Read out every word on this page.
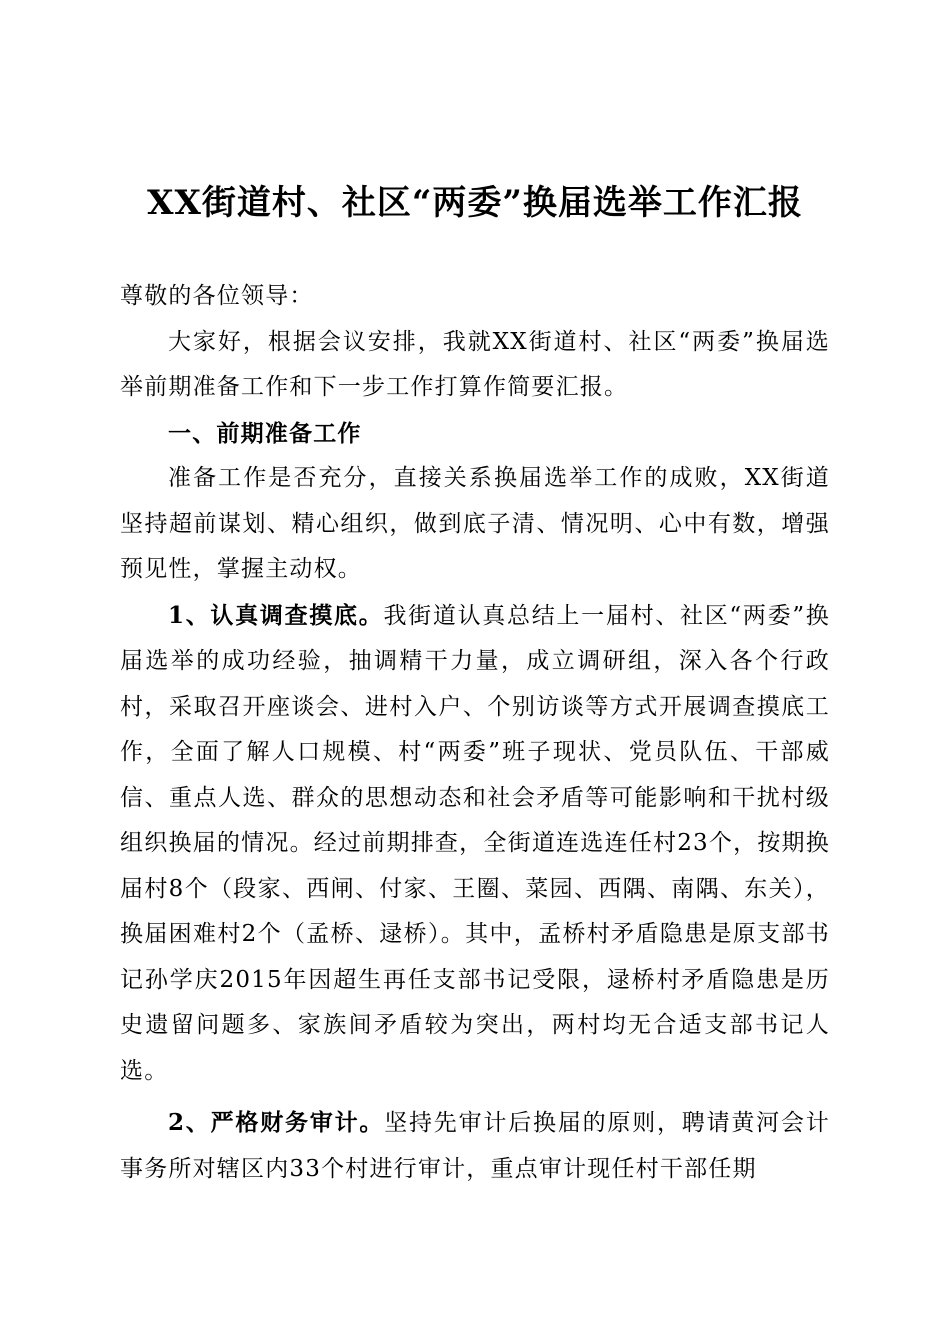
XX街道村、社区“两委”换届选举工作汇报

尊敬的各位领导：

大家好，根据会议安排，我就XX街道村、社区“两委”换届选举前期准备工作和下一步工作打算作简要汇报。

一、前期准备工作

准备工作是否充分，直接关系换届选举工作的成败，XX街道坚持超前谋划、精心组织，做到底子清、情况明、心中有数，增强预见性，掌握主动权。

1、认真调查摸底。我街道认真总结上一届村、社区“两委”换届选举的成功经验，抽调精干力量，成立调研组，深入各个行政村，采取召开座谈会、进村入户、个别访谈等方式开展调查摸底工作，全面了解人口规模、村“两委”班子现状、党员队伍、干部威信、重点人选、群众的思想动态和社会矛盾等可能影响和干扰村级组织换届的情况。经过前期排查，全街道连选连任村23个，按期换届村8个（段家、西闸、付家、王圈、菜园、西隅、南隅、东关），换届困难村2个（孟桥、逯桥）。其中，孟桥村矛盾隐患是原支部书记孙学庆2015年因超生再任支部书记受限，逯桥村矛盾隐患是历史遗留问题多、家族间矛盾较为突出，两村均无合适支部书记人选。

2、严格财务审计。坚持先审计后换届的原则，聘请黄河会计事务所对辖区内33个村进行审计，重点审计现任村干部任期
